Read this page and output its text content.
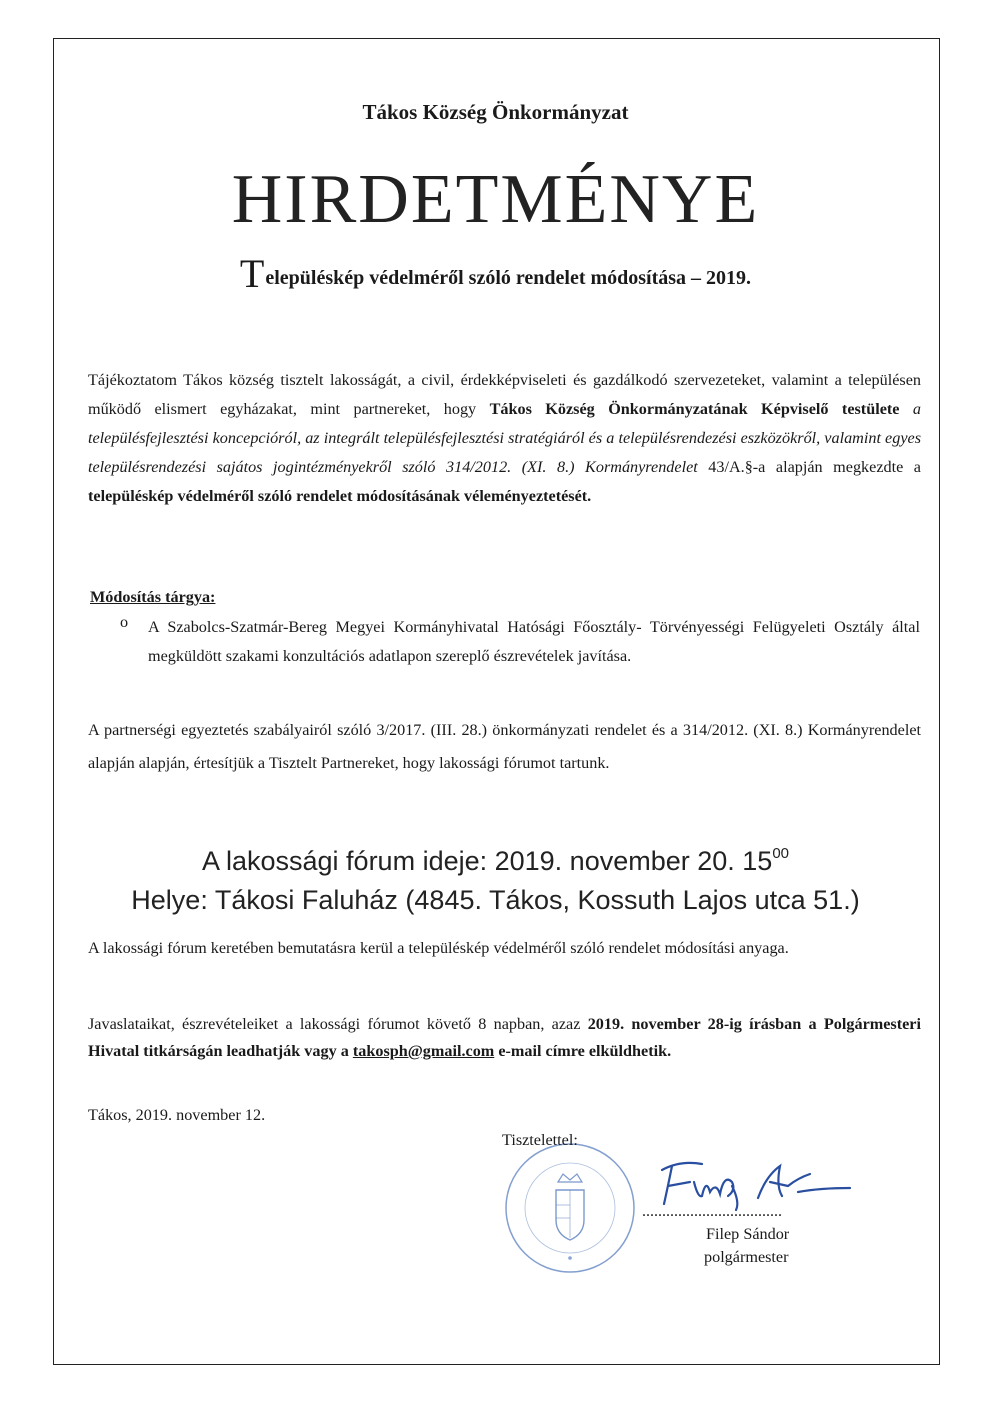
Tákos Község Önkormányzat
HIRDETMÉNYE
Településkép védelméről szóló rendelet módosítása – 2019.
Tájékoztatom Tákos község tisztelt lakosságát, a civil, érdekképviseleti és gazdálkodó szervezeteket, valamint a településen működő elismert egyházakat, mint partnereket, hogy Tákos Község Önkormányzatának Képviselő testülete a településfejlesztési koncepcióról, az integrált településfejlesztési stratégiáról és a településrendezési eszközökről, valamint egyes településrendezési sajátos jogintézményekről szóló 314/2012. (XI. 8.) Kormányrendelet 43/A.§-a alapján megkezdte a településkép védelméről szóló rendelet módosításának véleményeztetését.
Módosítás tárgya:
o A Szabolcs-Szatmár-Bereg Megyei Kormányhivatal Hatósági Főosztály- Törvényességi Felügyeleti Osztály által megküldött szakami konzultációs adatlapon szereplő észrevételek javítása.
A partnerségi egyeztetés szabályairól szóló 3/2017. (III. 28.) önkormányzati rendelet és a 314/2012. (XI. 8.) Kormányrendelet alapján alapján, értesítjük a Tisztelt Partnereket, hogy lakossági fórumot tartunk.
A lakossági fórum ideje: 2019. november 20. $15^{00}$
Helye: Tákosi Faluház (4845. Tákos, Kossuth Lajos utca 51.)
A lakossági fórum keretében bemutatásra kerül a településkép védelméről szóló rendelet módosítási anyaga.
Javaslataikat, észrevételeiket a lakossági fórumot követő 8 napban, azaz 2019. november 28-ig írásban a Polgármesteri Hivatal titkárságán leadhatják vagy a takosph@gmail.com e-mail címre elküldhetik.
Tákos, 2019. november 12.
Tisztelettel:
...................................
Filep Sándor
polgármester
